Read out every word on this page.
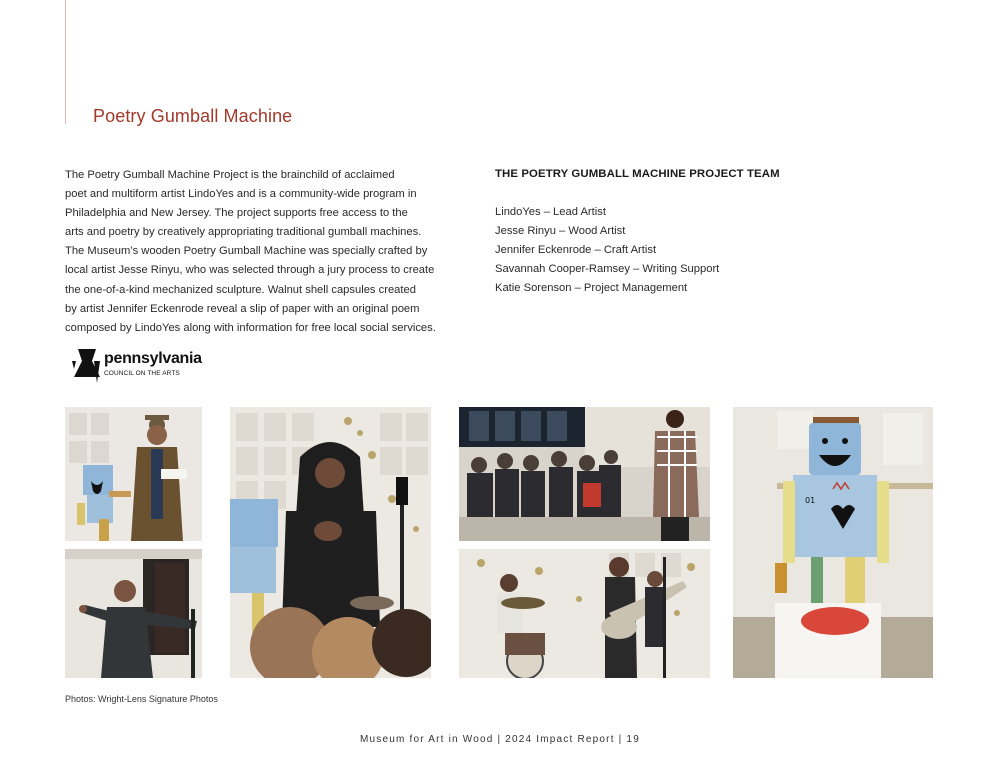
Poetry Gumball Machine
The Poetry Gumball Machine Project is the brainchild of acclaimed
poet and multiform artist LindoYes and is a community-wide program in
Philadelphia and New Jersey. The project supports free access to the
arts and poetry by creatively appropriating traditional gumball machines.
The Museum’s wooden Poetry Gumball Machine was specially crafted by
local artist Jesse Rinyu, who was selected through a jury process to create
the one-of-a-kind mechanized sculpture. Walnut shell capsules created
by artist Jennifer Eckenrode reveal a slip of paper with an original poem
composed by LindoYes along with information for free local social services.
THE POETRY GUMBALL MACHINE PROJECT TEAM
LindoYes – Lead Artist
Jesse Rinyu – Wood Artist
Jennifer Eckenrode – Craft Artist
Savannah Cooper-Ramsey – Writing Support
Katie Sorenson – Project Management
pennsylvania
COUNCIL ON THE ARTS
01
Photos: Wright-Lens Signature Photos
Museum for Art in Wood | 2024 Impact Report | 19
